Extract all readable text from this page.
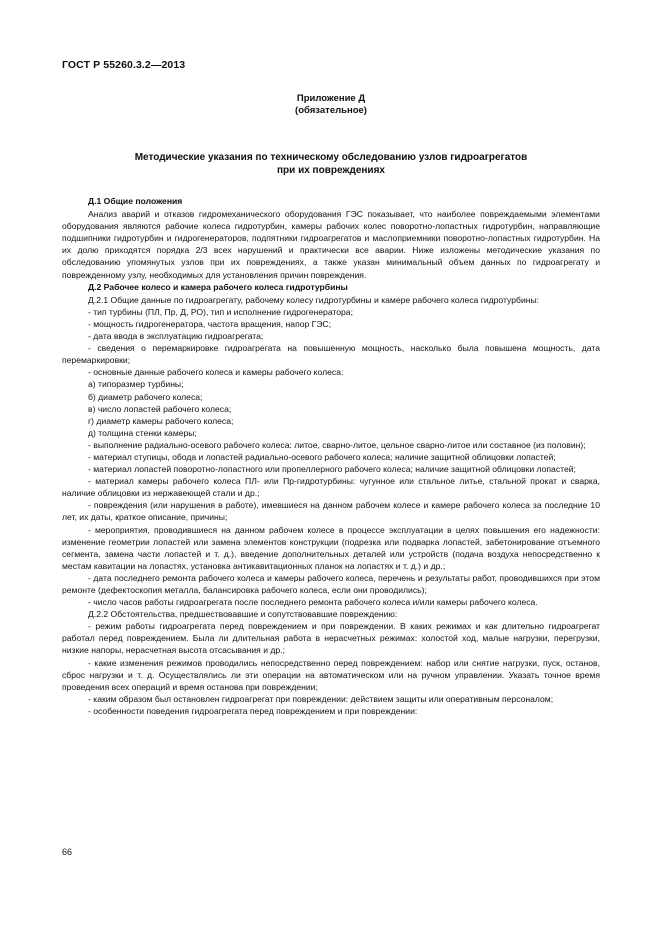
ГОСТ Р 55260.3.2—2013
Приложение Д
(обязательное)
Методические указания по техническому обследованию узлов гидроагрегатов
при их повреждениях

Д.1 Общие положения

Анализ аварий и отказов гидромеханического оборудования ГЭС показывает, что наиболее повреждаемыми элементами оборудования являются рабочие колеса гидротурбин, камеры рабочих колес поворотно-лопастных гидротурбин, направляющие подшипники гидротурбин и гидрогенераторов, подпятники гидроагрегатов и маслоприемники поворотно-лопастных гидротурбин. На их долю приходятся порядка 2/3 всех нарушений и практически все аварии. Ниже изложены методические указания по обследованию упомянутых узлов при их повреждениях, а также указан минимальный объем данных по гидроагрегату и поврежденному узлу, необходимых для установления причин повреждения.

Д.2 Рабочее колесо и камера рабочего колеса гидротурбины

Д.2.1 Общие данные по гидроагрегату, рабочему колесу гидротурбины и камере рабочего колеса гидротурбины:

- тип турбины (ПЛ, Пр, Д, РО), тип и исполнение гидрогенератора;

- мощность гидрогенератора, частота вращения, напор ГЭС;

- дата ввода в эксплуатацию гидроагрегата;

- сведения о перемаркировке гидроагрегата на повышенную мощность, насколько была повышена мощность, дата перемаркировки;

- основные данные рабочего колеса и камеры рабочего колеса:

а) типоразмер турбины;

б) диаметр рабочего колеса;

в) число лопастей рабочего колеса;

г) диаметр камеры рабочего колеса;

д) толщина стенки камеры;

- выполнение радиально-осевого рабочего колеса: литое, сварно-литое, цельное сварно-литое или составное (из половин);

- материал ступицы, обода и лопастей радиально-осевого рабочего колеса; наличие защитной облицовки лопастей;

- материал лопастей поворотно-лопастного или пропеллерного рабочего колеса; наличие защитной облицовки лопастей;

- материал камеры рабочего колеса ПЛ- или Пр-гидротурбины: чугунное или стальное литье, стальной прокат и сварка, наличие облицовки из нержавеющей стали и др.;

- повреждения (или нарушения в работе), имевшиеся на данном рабочем колесе и камере рабочего колеса за последние 10 лет, их даты, краткое описание, причины;

- мероприятия, проводившиеся на данном рабочем колесе в процессе эксплуатации в целях повышения его надежности: изменение геометрии лопастей или замена элементов конструкции (подрезка или подварка лопастей, забетонирование отъемного сегмента, замена части лопастей и т. д.), введение дополнительных деталей или устройств (подача воздуха непосредственно к местам кавитации на лопастях, установка антикавитационных планок на лопастях и т. д.) и др.;

- дата последнего ремонта рабочего колеса и камеры рабочего колеса, перечень и результаты работ, проводившихся при этом ремонте (дефектоскопия металла, балансировка рабочего колеса, если они проводились);

- число часов работы гидроагрегата после последнего ремонта рабочего колеса и/или камеры рабочего колеса.

Д.2.2 Обстоятельства, предшествовавшие и сопутствовавшие повреждению:

- режим работы гидроагрегата перед повреждением и при повреждении. В каких режимах и как длительно гидроагрегат работал перед повреждением. Была ли длительная работа в нерасчетных режимах: холостой ход, малые нагрузки, перегрузки, низкие напоры, нерасчетная высота отсасывания и др.;

- какие изменения режимов проводились непосредственно перед повреждением: набор или снятие нагрузки, пуск, останов, сброс нагрузки и т. д. Осуществлялись ли эти операции на автоматическом или на ручном управлении. Указать точное время проведения всех операций и время останова при повреждении;

- каким образом был остановлен гидроагрегат при повреждении: действием защиты или оперативным персоналом;

- особенности поведения гидроагрегата перед повреждением и при повреждении:

66
